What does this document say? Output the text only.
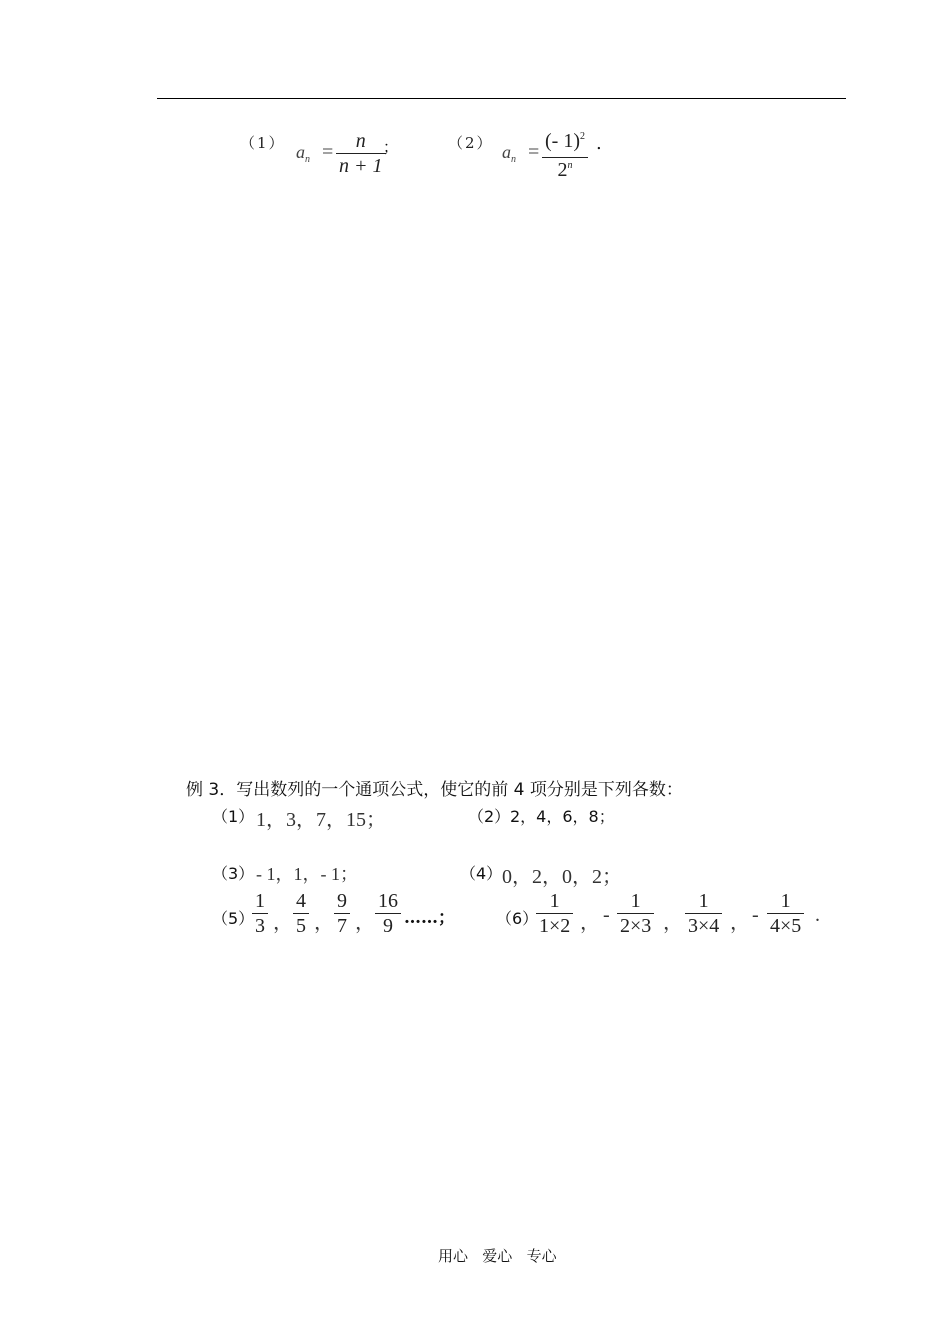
（1） $a_n = n$
n + 1
；	（2） $a_n$ = (- 1)$^2$
2$^n$
.
例 3．写出数列的一个通项公式，使它的前 4 项分别是下列各数：
（1） 1，3，7，15；	（2） 2，4，6，8；
（3） - 1，1，- 1；	（4） 0，2，0，2；
（5）
1
3 ，
4
5 ，
9
7 ，
16
9 ……；	（6）
1
1×2 ， -
1
2×3 ，
1
3×4 ， -
1
4×5 .
用心   爱心   专心
